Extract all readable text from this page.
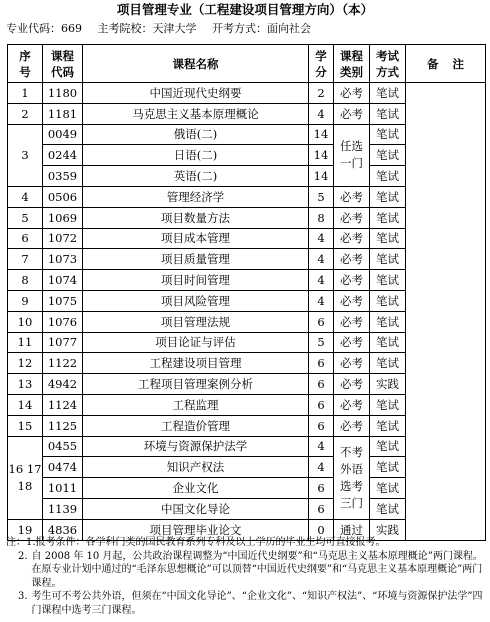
项目管理专业（工程建设项目管理方向）（本）
专业代码：669 主考院校：天津大学 开考方式：面向社会
序号	课程代码	课程名称	学分	课程类别	考试方式	备注
1	1180	中国近现代史纲要	2	必考	笔试	
2	1181	马克思主义基本原理概论	4	必考	笔试	
3	0049	俄语(二)	14	任选一门	笔试	
	0244	日语(二)	14		笔试	
	0359	英语(二)	14		笔试	
4	0506	管理经济学	5	必考	笔试	
5	1069	项目数量方法	8	必考	笔试	
6	1072	项目成本管理	4	必考	笔试	
7	1073	项目质量管理	4	必考	笔试	
8	1074	项目时间管理	4	必考	笔试	
9	1075	项目风险管理	4	必考	笔试	
10	1076	项目管理法规	6	必考	笔试	
11	1077	项目论证与评估	5	必考	笔试	
12	1122	工程建设项目管理	6	必考	笔试	
13	4942	工程项目管理案例分析	6	必考	实践	
14	1124	工程监理	6	必考	笔试	
15	1125	工程造价管理	6	必考	笔试	
16 17 18	0455	环境与资源保护法学	4	不考外语选考三门	笔试	
	0474	知识产权法	4		笔试	
	1011	企业文化	6		笔试	
	1139	中国文化导论	6		笔试	
19	4836	项目管理毕业论文	0	通过	实践	
注： 1. 报考条件：各学科门类的国民教育系列专科及以上学历的毕业生均可直接报考。
2. 自 2008 年 10 月起，公共政治课程调整为“中国近代史纲要”和“马克思主义基本原理概论”两门课程。在原专业计划中通过的“毛泽东思想概论”可以顶替“中国近代史纲要”和“马克思主义基本原理概论”两门课程。
3. 考生可不考公共外语，但须在“中国文化导论”、“企业文化”、“知识产权法”、“环境与资源保护法学”四门课程中选考三门课程。
